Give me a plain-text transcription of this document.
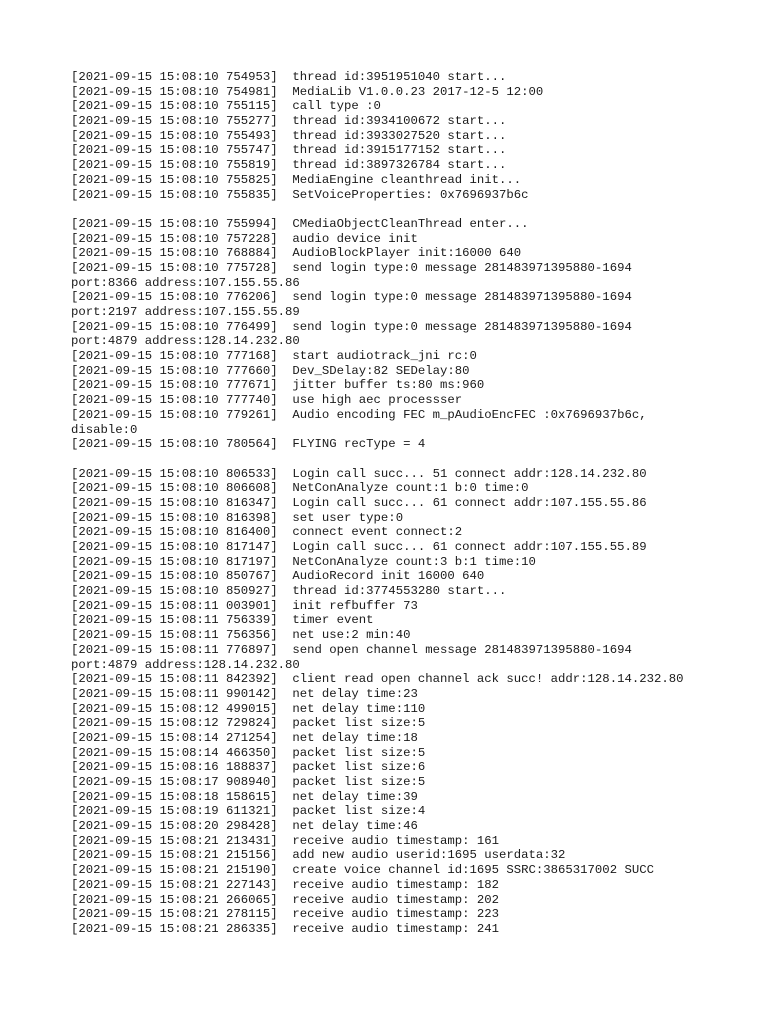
[2021-09-15 15:08:10 754953]  thread id:3951951040 start...
[2021-09-15 15:08:10 754981]  MediaLib V1.0.0.23 2017-12-5 12:00
[2021-09-15 15:08:10 755115]  call type :0
[2021-09-15 15:08:10 755277]  thread id:3934100672 start...
[2021-09-15 15:08:10 755493]  thread id:3933027520 start...
[2021-09-15 15:08:10 755747]  thread id:3915177152 start...
[2021-09-15 15:08:10 755819]  thread id:3897326784 start...
[2021-09-15 15:08:10 755825]  MediaEngine cleanthread init...
[2021-09-15 15:08:10 755835]  SetVoiceProperties: 0x7696937b6c
[2021-09-15 15:08:10 755994]  CMediaObjectCleanThread enter...
[2021-09-15 15:08:10 757228]  audio device init
[2021-09-15 15:08:10 768884]  AudioBlockPlayer init:16000 640
[2021-09-15 15:08:10 775728]  send login type:0 message 281483971395880-1694
port:8366 address:107.155.55.86
[2021-09-15 15:08:10 776206]  send login type:0 message 281483971395880-1694
port:2197 address:107.155.55.89
[2021-09-15 15:08:10 776499]  send login type:0 message 281483971395880-1694
port:4879 address:128.14.232.80
[2021-09-15 15:08:10 777168]  start audiotrack_jni rc:0
[2021-09-15 15:08:10 777660]  Dev_SDelay:82 SEDelay:80
[2021-09-15 15:08:10 777671]  jitter buffer ts:80 ms:960
[2021-09-15 15:08:10 777740]  use high aec processser
[2021-09-15 15:08:10 779261]  Audio encoding FEC m_pAudioEncFEC :0x7696937b6c,
disable:0
[2021-09-15 15:08:10 780564]  FLYING recType = 4
[2021-09-15 15:08:10 806533]  Login call succ... 51 connect addr:128.14.232.80
[2021-09-15 15:08:10 806608]  NetConAnalyze count:1 b:0 time:0
[2021-09-15 15:08:10 816347]  Login call succ... 61 connect addr:107.155.55.86
[2021-09-15 15:08:10 816398]  set user type:0
[2021-09-15 15:08:10 816400]  connect event connect:2
[2021-09-15 15:08:10 817147]  Login call succ... 61 connect addr:107.155.55.89
[2021-09-15 15:08:10 817197]  NetConAnalyze count:3 b:1 time:10
[2021-09-15 15:08:10 850767]  AudioRecord init 16000 640
[2021-09-15 15:08:10 850927]  thread id:3774553280 start...
[2021-09-15 15:08:11 003901]  init refbuffer 73
[2021-09-15 15:08:11 756339]  timer event
[2021-09-15 15:08:11 756356]  net use:2 min:40
[2021-09-15 15:08:11 776897]  send open channel message 281483971395880-1694
port:4879 address:128.14.232.80
[2021-09-15 15:08:11 842392]  client read open channel ack succ! addr:128.14.232.80
[2021-09-15 15:08:11 990142]  net delay time:23
[2021-09-15 15:08:12 499015]  net delay time:110
[2021-09-15 15:08:12 729824]  packet list size:5
[2021-09-15 15:08:14 271254]  net delay time:18
[2021-09-15 15:08:14 466350]  packet list size:5
[2021-09-15 15:08:16 188837]  packet list size:6
[2021-09-15 15:08:17 908940]  packet list size:5
[2021-09-15 15:08:18 158615]  net delay time:39
[2021-09-15 15:08:19 611321]  packet list size:4
[2021-09-15 15:08:20 298428]  net delay time:46
[2021-09-15 15:08:21 213431]  receive audio timestamp: 161
[2021-09-15 15:08:21 215156]  add new audio userid:1695 userdata:32
[2021-09-15 15:08:21 215190]  create voice channel id:1695 SSRC:3865317002 SUCC
[2021-09-15 15:08:21 227143]  receive audio timestamp: 182
[2021-09-15 15:08:21 266065]  receive audio timestamp: 202
[2021-09-15 15:08:21 278115]  receive audio timestamp: 223
[2021-09-15 15:08:21 286335]  receive audio timestamp: 241
